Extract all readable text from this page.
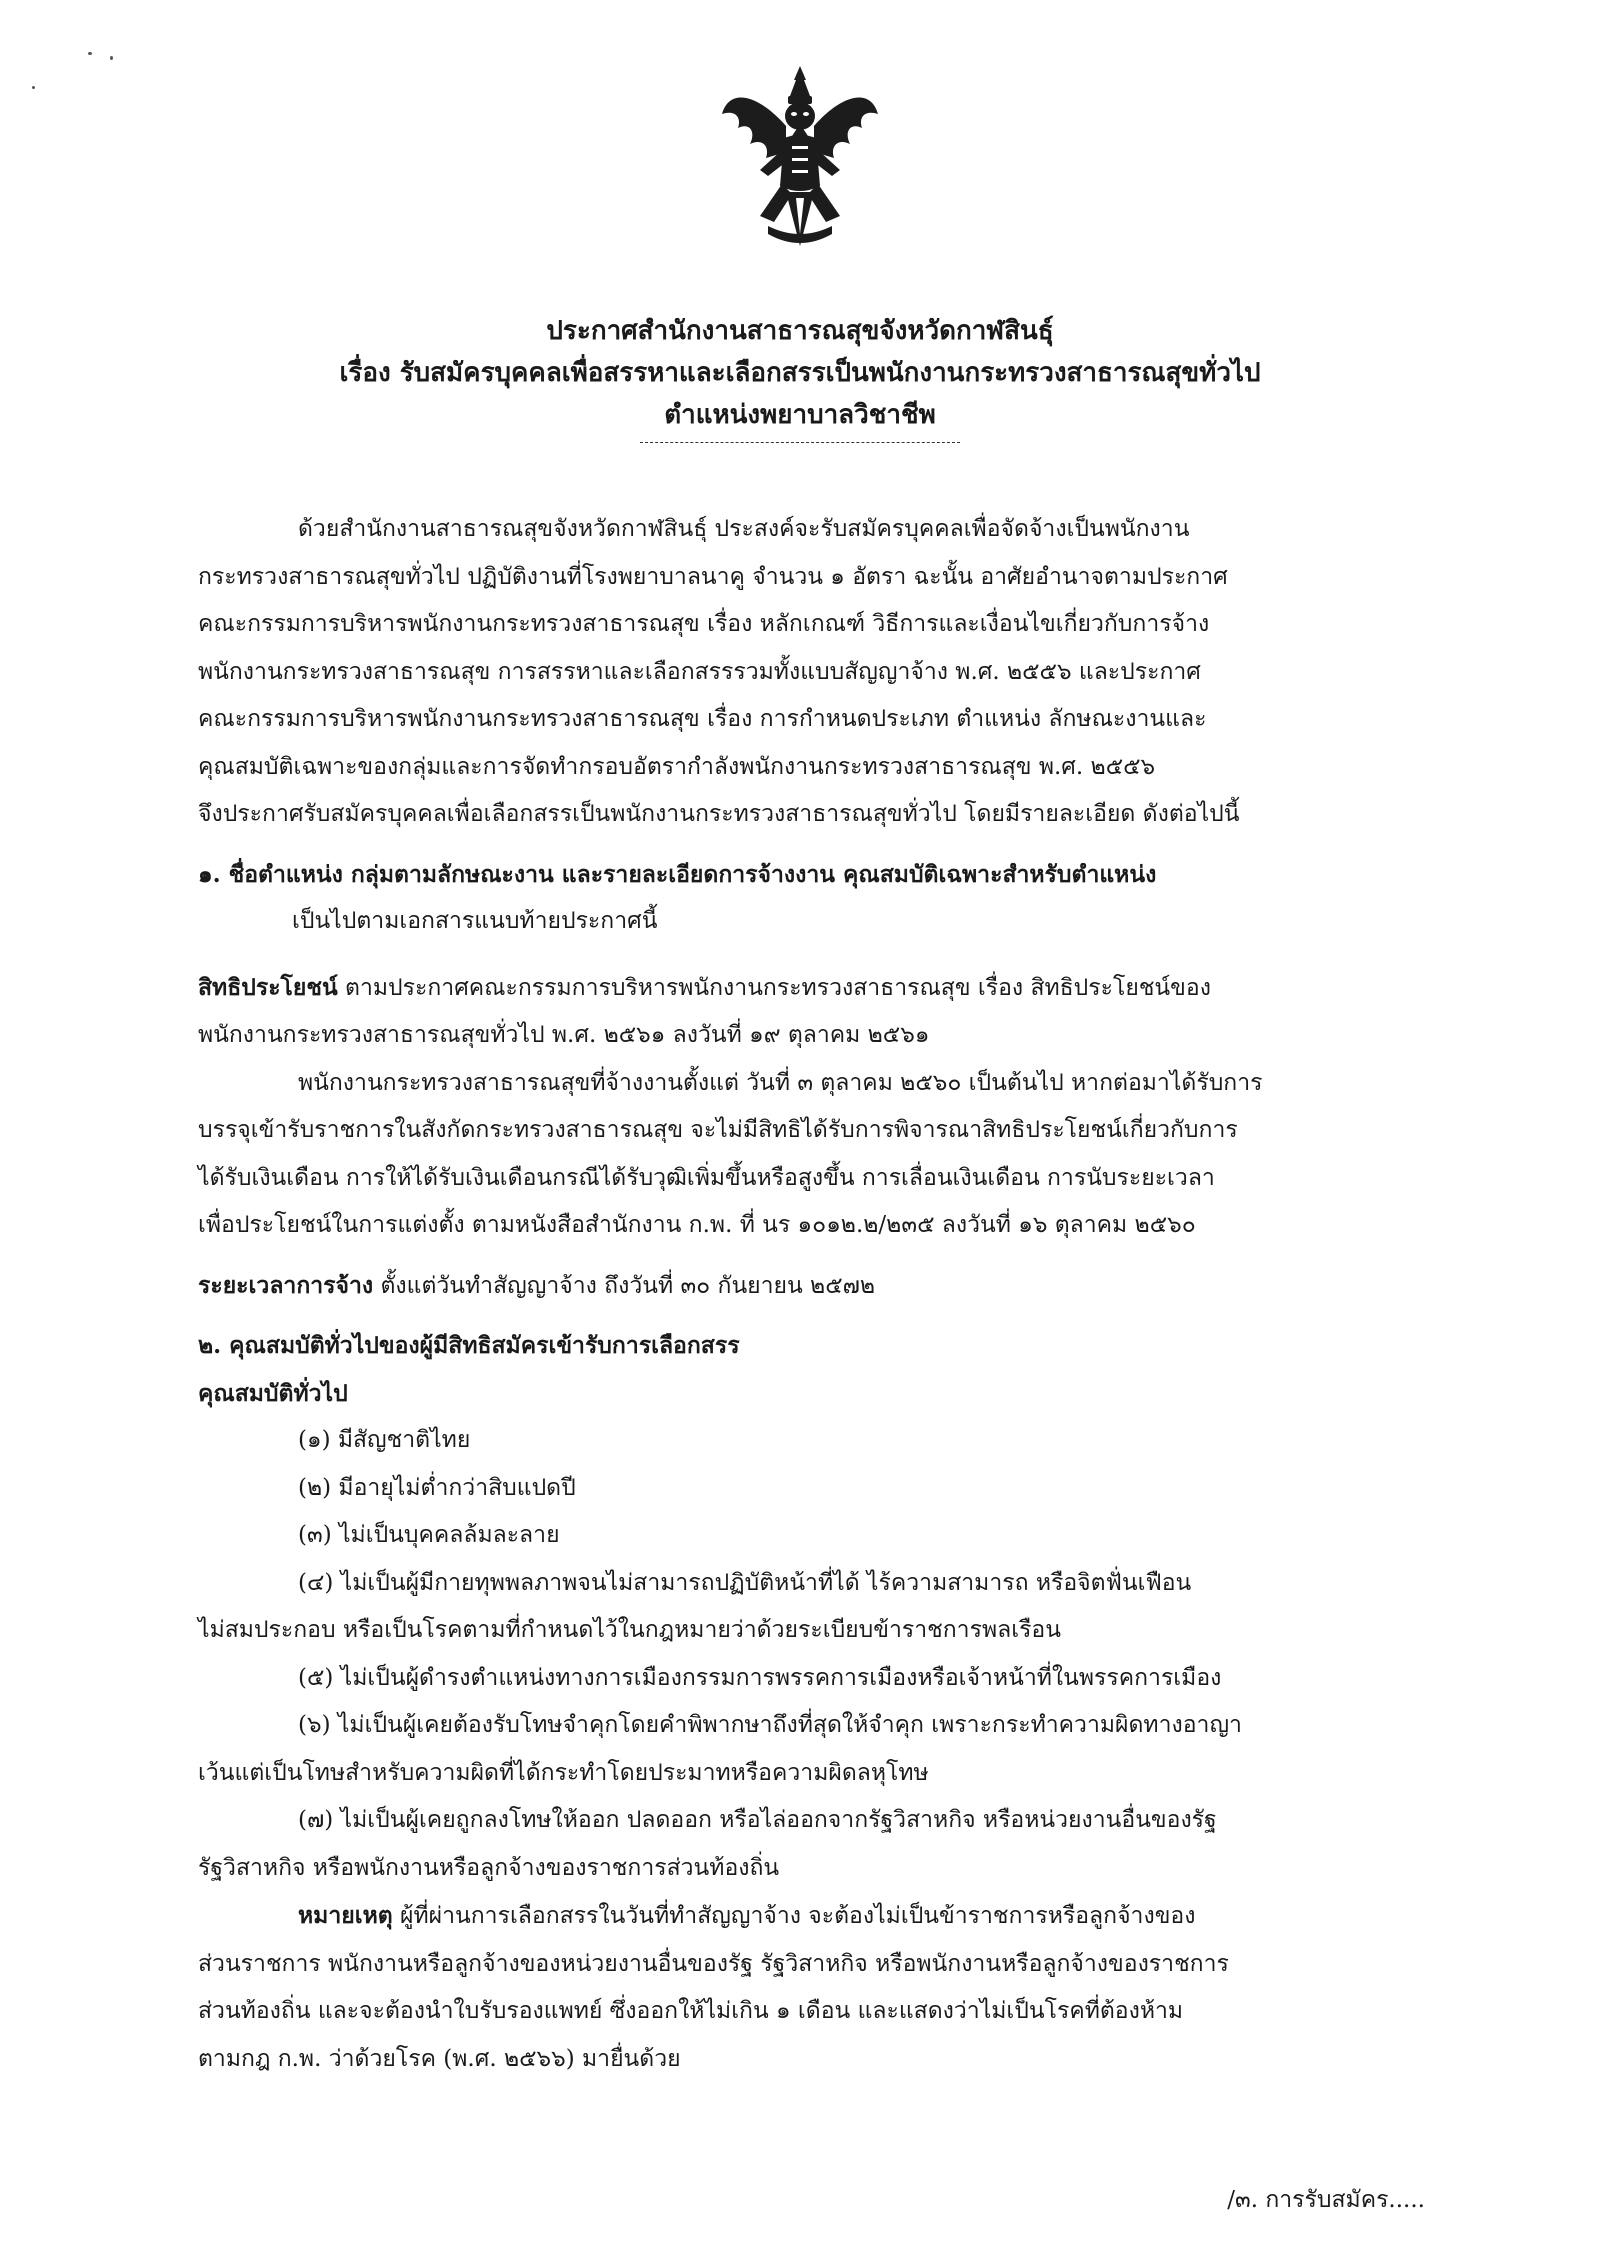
ประกาศสำนักงานสาธารณสุขจังหวัดกาฬสินธุ์
เรื่อง รับสมัครบุคคลเพื่อสรรหาและเลือกสรรเป็นพนักงานกระทรวงสาธารณสุขทั่วไป
ตำแหน่งพยาบาลวิชาชีพ

ด้วยสำนักงานสาธารณสุขจังหวัดกาฬสินธุ์ ประสงค์จะรับสมัครบุคคลเพื่อจัดจ้างเป็นพนักงาน

กระทรวงสาธารณสุขทั่วไป ปฏิบัติงานที่โรงพยาบาลนาคู จำนวน ๑ อัตรา ฉะนั้น อาศัยอำนาจตามประกาศ

คณะกรรมการบริหารพนักงานกระทรวงสาธารณสุข เรื่อง หลักเกณฑ์ วิธีการและเงื่อนไขเกี่ยวกับการจ้าง

พนักงานกระทรวงสาธารณสุข การสรรหาและเลือกสรรรวมทั้งแบบสัญญาจ้าง พ.ศ. ๒๕๕๖ และประกาศ

คณะกรรมการบริหารพนักงานกระทรวงสาธารณสุข เรื่อง การกำหนดประเภท ตำแหน่ง ลักษณะงานและ

คุณสมบัติเฉพาะของกลุ่มและการจัดทำกรอบอัตรากำลังพนักงานกระทรวงสาธารณสุข พ.ศ. ๒๕๕๖

จึงประกาศรับสมัครบุคคลเพื่อเลือกสรรเป็นพนักงานกระทรวงสาธารณสุขทั่วไป โดยมีรายละเอียด ดังต่อไปนี้

๑. ชื่อตำแหน่ง กลุ่มตามลักษณะงาน และรายละเอียดการจ้างงาน คุณสมบัติเฉพาะสำหรับตำแหน่ง

เป็นไปตามเอกสารแนบท้ายประกาศนี้

สิทธิประโยชน์ ตามประกาศคณะกรรมการบริหารพนักงานกระทรวงสาธารณสุข เรื่อง สิทธิประโยชน์ของ

พนักงานกระทรวงสาธารณสุขทั่วไป พ.ศ. ๒๕๖๑ ลงวันที่ ๑๙ ตุลาคม ๒๕๖๑

พนักงานกระทรวงสาธารณสุขที่จ้างงานตั้งแต่ วันที่ ๓ ตุลาคม ๒๕๖๐ เป็นต้นไป หากต่อมาได้รับการ

บรรจุเข้ารับราชการในสังกัดกระทรวงสาธารณสุข จะไม่มีสิทธิได้รับการพิจารณาสิทธิประโยชน์เกี่ยวกับการ

ได้รับเงินเดือน การให้ได้รับเงินเดือนกรณีได้รับวุฒิเพิ่มขึ้นหรือสูงขึ้น การเลื่อนเงินเดือน การนับระยะเวลา

เพื่อประโยชน์ในการแต่งตั้ง ตามหนังสือสำนักงาน ก.พ. ที่ นร ๑๐๑๒.๒/๒๓๕ ลงวันที่ ๑๖ ตุลาคม ๒๕๖๐

ระยะเวลาการจ้าง ตั้งแต่วันทำสัญญาจ้าง ถึงวันที่ ๓๐ กันยายน ๒๕๗๒

๒. คุณสมบัติทั่วไปของผู้มีสิทธิสมัครเข้ารับการเลือกสรร

คุณสมบัติทั่วไป

(๑) มีสัญชาติไทย

(๒) มีอายุไม่ต่ำกว่าสิบแปดปี

(๓) ไม่เป็นบุคคลล้มละลาย

(๔) ไม่เป็นผู้มีกายทุพพลภาพจนไม่สามารถปฏิบัติหน้าที่ได้ ไร้ความสามารถ หรือจิตฟั่นเฟือน

ไม่สมประกอบ หรือเป็นโรคตามที่กำหนดไว้ในกฎหมายว่าด้วยระเบียบข้าราชการพลเรือน

(๕) ไม่เป็นผู้ดำรงตำแหน่งทางการเมืองกรรมการพรรคการเมืองหรือเจ้าหน้าที่ในพรรคการเมือง

(๖) ไม่เป็นผู้เคยต้องรับโทษจำคุกโดยคำพิพากษาถึงที่สุดให้จำคุก เพราะกระทำความผิดทางอาญา

เว้นแต่เป็นโทษสำหรับความผิดที่ได้กระทำโดยประมาทหรือความผิดลหุโทษ

(๗) ไม่เป็นผู้เคยถูกลงโทษให้ออก ปลดออก หรือไล่ออกจากรัฐวิสาหกิจ หรือหน่วยงานอื่นของรัฐ

รัฐวิสาหกิจ หรือพนักงานหรือลูกจ้างของราชการส่วนท้องถิ่น

หมายเหตุ ผู้ที่ผ่านการเลือกสรรในวันที่ทำสัญญาจ้าง จะต้องไม่เป็นข้าราชการหรือลูกจ้างของ

ส่วนราชการ พนักงานหรือลูกจ้างของหน่วยงานอื่นของรัฐ รัฐวิสาหกิจ หรือพนักงานหรือลูกจ้างของราชการ

ส่วนท้องถิ่น และจะต้องนำใบรับรองแพทย์ ซึ่งออกให้ไม่เกิน ๑ เดือน และแสดงว่าไม่เป็นโรคที่ต้องห้าม

ตามกฎ ก.พ. ว่าด้วยโรค (พ.ศ. ๒๕๖๖) มายื่นด้วย

/๓. การรับสมัคร.....
